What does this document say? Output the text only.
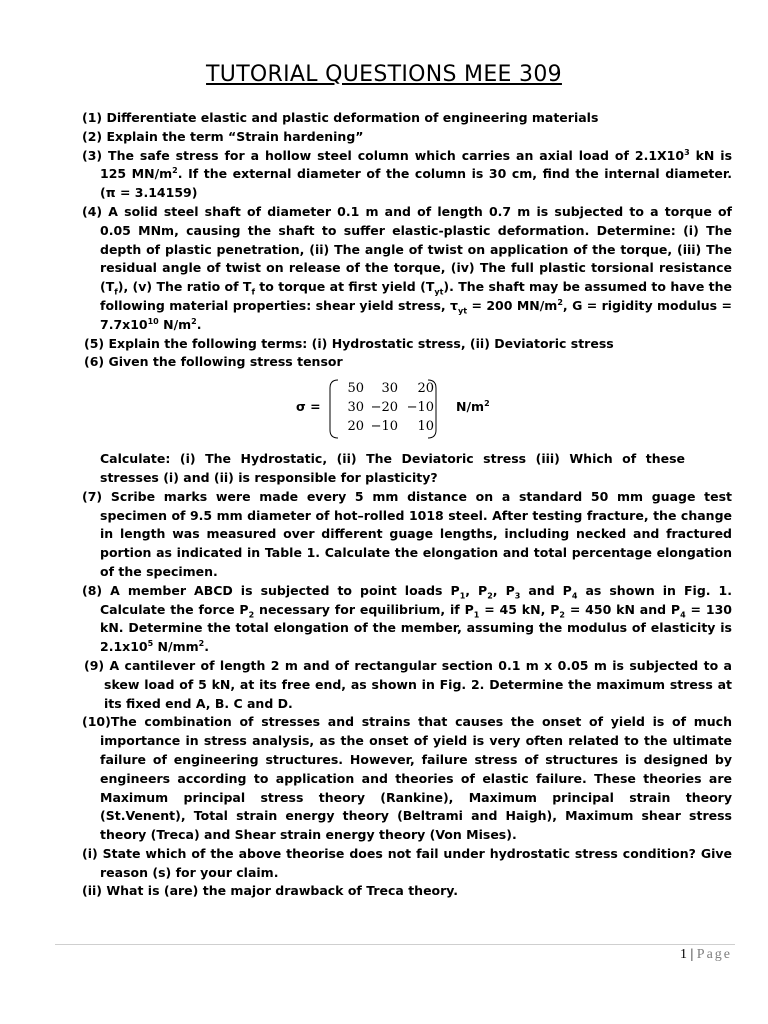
TUTORIAL QUESTIONS MEE 309
(1) Differentiate elastic and plastic deformation of engineering materials
(2) Explain the term “Strain hardening”
(3) The safe stress for a hollow steel column which carries an axial load of $2.1X10^3$ kN is 125 $MN/m^2$. If the external diameter of the column is 30 cm, find the internal diameter. (π = 3.14159)
(4) A solid steel shaft of diameter 0.1 m and of length 0.7 m is subjected to a torque of 0.05 MNm, causing the shaft to suffer elastic-plastic deformation. Determine: (i) The depth of plastic penetration, (ii) The angle of twist on application of the torque, (iii) The residual angle of twist on release of the torque, (iv) The full plastic torsional resistance $(T_f)$, (v) The ratio of $T_f$ to torque at first yield $(T_{yt})$. The shaft may be assumed to have the following material properties: shear yield stress, $\tau_{yt} = 200$ $MN/m^2$, G = rigidity modulus = $7.7x10^{10}$ $N/m^2$.
(5) Explain the following terms: (i) Hydrostatic stress, (ii) Deviatoric stress
(6) Given the following stress tensor
σ =
50	30	20
30 −20 −10
20 −10	10
$N/m^2$
Calculate: (i) The Hydrostatic, (ii) The Deviatoric stress (iii) Which of these stresses (i) and (ii) is responsible for plasticity?
(7) Scribe marks were made every 5 mm distance on a standard 50 mm guage test specimen of 9.5 mm diameter of hot–rolled 1018 steel. After testing fracture, the change in length was measured over different guage lengths, including necked and fractured portion as indicated in Table 1. Calculate the elongation and total percentage elongation of the specimen.
(8) A member ABCD is subjected to point loads $P_1$, $P_2$, $P_3$ and $P_4$ as shown in Fig. 1. Calculate the force $P_2$ necessary for equilibrium, if $P_1 = 45$ kN, $P_2 = 450$ kN and $P_4 = 130$ kN. Determine the total elongation of the member, assuming the modulus of elasticity is $2.1x10^5$ $N/mm^2$.
(9) A cantilever of length 2 m and of rectangular section 0.1 m x 0.05 m is subjected to a skew load of 5 kN, at its free end, as shown in Fig. 2. Determine the maximum stress at its fixed end A, B. C and D.
(10)The combination of stresses and strains that causes the onset of yield is of much importance in stress analysis, as the onset of yield is very often related to the ultimate failure of engineering structures. However, failure stress of structures is designed by engineers according to application and theories of elastic failure. These theories are Maximum principal stress theory (Rankine), Maximum principal strain theory (St.Venent), Total strain energy theory (Beltrami and Haigh), Maximum shear stress theory (Treca) and Shear strain energy theory (Von Mises).
(i) State which of the above theorise does not fail under hydrostatic stress condition? Give reason (s) for your claim.
(ii) What is (are) the major drawback of Treca theory.
1 | Page
